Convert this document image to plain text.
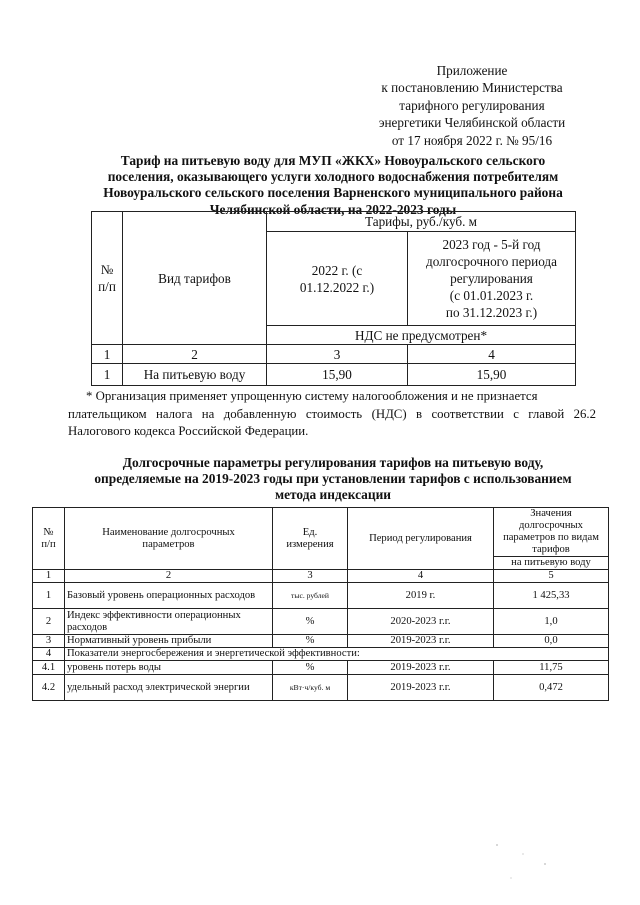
Приложение
к постановлению Министерства
тарифного регулирования
энергетики Челябинской области
от 17 ноября 2022 г. № 95/16
Тариф на питьевую воду для МУП «ЖКХ» Новоуральского сельского
поселения, оказывающего услуги холодного водоснабжения потребителям
Новоуральского сельского поселения Варненского муниципального района
Челябинской области, на 2022-2023 годы
№ п/п	Вид тарифов	Тарифы, руб./куб. м	
		2022 г. (с 01.12.2022 г.)	2023 год - 5-й год
долгосрочного периода
регулирования
(с 01.01.2023 г.
по 31.12.2023 г.)

		НДС не предусмотрен*	
1	2	3	4
1	На питьевую воду	15,90	15,90
* Организация применяет упрощенную систему налогообложения и не признается
плательщиком налога на добавленную стоимость (НДС) в соответствии с главой 26.2
Налогового кодекса Российской Федерации.
Долгосрочные параметры регулирования тарифов на питьевую воду,
определяемые на 2019-2023 годы при установлении тарифов с использованием
метода индексации
№ п/п	Наименование долгосрочных параметров	Ед. измерения	Период регулирования	Значения долгосрочных параметров по видам тарифов
				на питьевую воду
1	2	3	4	5
1	Базовый уровень операционных расходов	тыс. рублей	2019 г.	1 425,33
2	Индекс эффективности операционных расходов	%	2020-2023 г.г.	1,0
3	Нормативный уровень прибыли	%	2019-2023 г.г.	0,0
4	Показатели энергосбережения и энергетической эффективности:			
4.1	уровень потерь воды	%	2019-2023 г.г.	11,75
4.2	удельный расход электрической энергии	кВт·ч/куб. м	2019-2023 г.г.	0,472
